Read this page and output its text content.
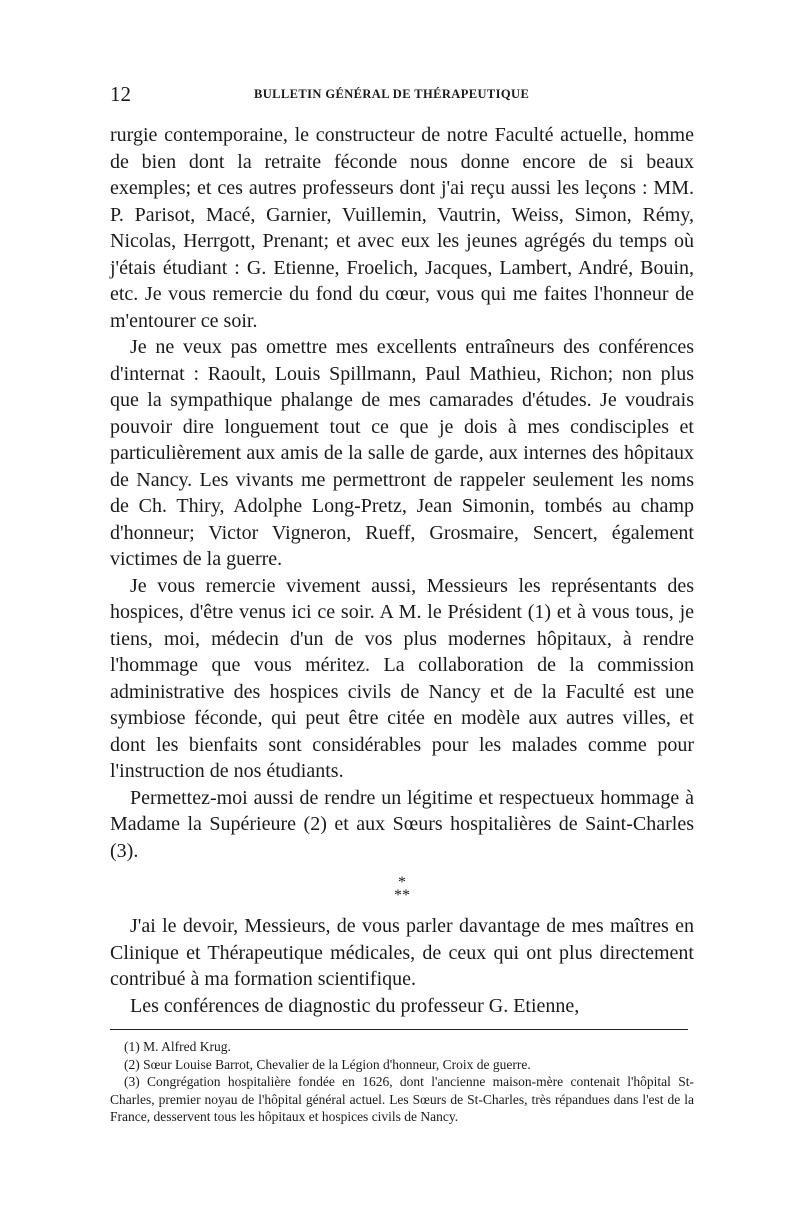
12	BULLETIN GÉNÉRAL DE THÉRAPEUTIQUE

rurgie contemporaine, le constructeur de notre Faculté actuelle, homme de bien dont la retraite féconde nous donne encore de si beaux exemples; et ces autres professeurs dont j'ai reçu aussi les leçons : MM. P. Parisot, Macé, Garnier, Vuillemin, Vautrin, Weiss, Simon, Rémy, Nicolas, Herrgott, Prenant; et avec eux les jeunes agrégés du temps où j'étais étudiant : G. Etienne, Froelich, Jacques, Lambert, André, Bouin, etc. Je vous remercie du fond du cœur, vous qui me faites l'honneur de m'entourer ce soir.

Je ne veux pas omettre mes excellents entraîneurs des conférences d'internat : Raoult, Louis Spillmann, Paul Mathieu, Richon; non plus que la sympathique phalange de mes camarades d'études. Je voudrais pouvoir dire longuement tout ce que je dois à mes condisciples et particulièrement aux amis de la salle de garde, aux internes des hôpitaux de Nancy. Les vivants me permettront de rappeler seulement les noms de Ch. Thiry, Adolphe Long-Pretz, Jean Simonin, tombés au champ d'honneur; Victor Vigneron, Rueff, Grosmaire, Sencert, également victimes de la guerre.

Je vous remercie vivement aussi, Messieurs les représentants des hospices, d'être venus ici ce soir. A M. le Président (1) et à vous tous, je tiens, moi, médecin d'un de vos plus modernes hôpitaux, à rendre l'hommage que vous méritez. La collaboration de la commission administrative des hospices civils de Nancy et de la Faculté est une symbiose féconde, qui peut être citée en modèle aux autres villes, et dont les bienfaits sont considérables pour les malades comme pour l'instruction de nos étudiants.

Permettez-moi aussi de rendre un légitime et respectueux hommage à Madame la Supérieure (2) et aux Sœurs hospitalières de Saint-Charles (3).

*
**

J'ai le devoir, Messieurs, de vous parler davantage de mes maîtres en Clinique et Thérapeutique médicales, de ceux qui ont plus directement contribué à ma formation scientifique.

Les conférences de diagnostic du professeur G. Etienne,

(1) M. Alfred Krug.

(2) Sœur Louise Barrot, Chevalier de la Légion d'honneur, Croix de guerre.

(3) Congrégation hospitalière fondée en 1626, dont l'ancienne maison-mère contenait l'hôpital St-Charles, premier noyau de l'hôpital général actuel. Les Sœurs de St-Charles, très répandues dans l'est de la France, desservent tous les hôpitaux et hospices civils de Nancy.
